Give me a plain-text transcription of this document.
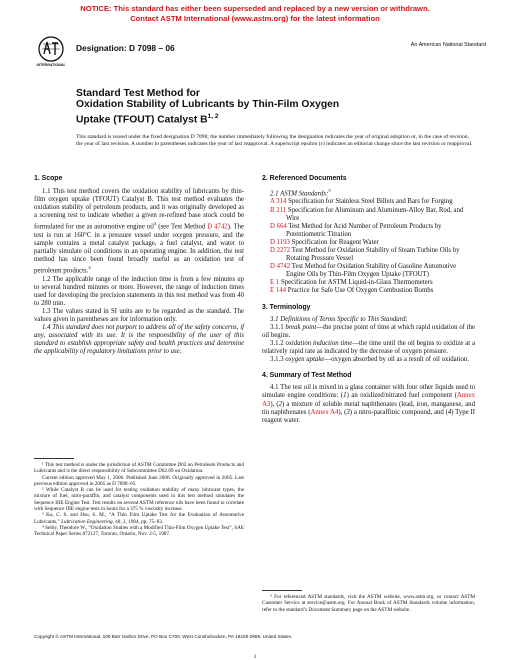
NOTICE: This standard has either been superseded and replaced by a new version or withdrawn.
Contact ASTM International (www.astm.org) for the latest information
INTERNATIONAL
Designation: D 7098 – 06	An American National Standard
Standard Test Method for
Oxidation Stability of Lubricants by Thin-Film Oxygen
Uptake (TFOUT) Catalyst B$^{1, 2}$
This standard is issued under the fixed designation D 7098; the number immediately following the designation indicates the year of original adoption or, in the case of revision, the year of last revision. A number in parentheses indicates the year of last reapproval. A superscript epsilon (ε) indicates an editorial change since the last revision or reapproval.
1. Scope

1.1 This test method covers the oxidation stability of lubricants by thin-film oxygen uptake (TFOUT) Catalyst B. This test method evaluates the oxidation stability of petroleum products, and it was originally developed as a screening test to indicate whether a given re-refined base stock could be formulated for use as automotive engine oil$^3$ (see Test Method D 4742). The test is run at 160°C in a pressure vessel under oxygen pressure, and the sample contains a metal catalyst package, a fuel catalyst, and water to partially simulate oil conditions in an operating engine. In addition, the test method has since been found broadly useful as an oxidation test of petroleum products.$^4$

1.2 The applicable range of the induction time is from a few minutes up to several hundred minutes or more. However, the range of induction times used for developing the precision statements in this test method was from 40 to 280 min.

1.3 The values stated in SI units are to be regarded as the standard. The values given in parentheses are for information only.

1.4 This standard does not purport to address all of the safety concerns, if any, associated with its use. It is the responsibility of the user of this standard to establish appropriate safety and health practices and determine the applicability of regulatory limitations prior to use.

¹ This test method is under the jurisdiction of ASTM Committee D02 on Petroleum Products and Lubricants and is the direct responsibility of Subcommittee D02.09 on Oxidation.

Current edition approved May 1, 2006. Published June 2006. Originally approved in 2005. Last previous edition approved in 2005 as D 7098–05.

² While Catalyst B can be used for testing oxidation stability of many lubricant types, the mixture of fuel, nitro-paraffin, and catalyst components used in this test method simulates the Sequence IIIE Engine Test. Test results on several ASTM reference oils have been found to correlate with Sequence IIIE engine tests in hours for a 375 % viscosity increase.

³ Ku, C. S. and Hsu, S. M., “A Thin Film Uptake Test for the Evaluation of Automotive Lubricants,” Lubrication Engineering, 40, 2, 1984, pp. 75–83.

⁴ Selby, Theodore W., “Oxidation Studies with a Modified Thin-Film Oxygen Uptake Test”, SAE Technical Paper Series 872127, Toronto, Ontario, Nov. 2-5, 1987.

2. Referenced Documents

2.1 ASTM Standards:$^5$

A 314 Specification for Stainless Steel Billets and Bars for Forging
B 211 Specification for Aluminum and Aluminum-Alloy Bar, Rod, and Wire
D 664 Test Method for Acid Number of Petroleum Products by Potentiometric Titration
D 1193 Specification for Reagent Water
D 2272 Test Method for Oxidation Stability of Steam Turbine Oils by Rotating Pressure Vessel
D 4742 Test Method for Oxidation Stability of Gasoline Automotive Engine Oils by Thin-Film Oxygen Uptake (TFOUT)
E 1 Specification for ASTM Liquid-in-Glass Thermometers
E 144 Practice for Safe Use Of Oxygen Combustion Bombs
3. Terminology

3.1 Definitions of Terms Specific to This Standard:

3.1.1 break point—the precise point of time at which rapid oxidation of the oil begins.

3.1.2 oxidation induction time—the time until the oil begins to oxidize at a relatively rapid rate as indicated by the decrease of oxygen pressure.

3.1.3 oxygen uptake—oxygen absorbed by oil as a result of oil oxidation.

4. Summary of Test Method

4.1 The test oil is mixed in a glass container with four other liquids used to simulate engine conditions: (1) an oxidized/nitrated fuel component (Annex A3), (2) a mixture of soluble metal naphthenates (lead, iron, manganese, and tin naphthenates (Annex A4), (3) a nitro-paraffinic compound, and (4) Type II reagent water.

⁵ For referenced ASTM standards, visit the ASTM website, www.astm.org, or contact ASTM Customer Service at service@astm.org. For Annual Book of ASTM Standards volume information, refer to the standard’s Document Summary page on the ASTM website.

Copyright © ASTM International, 100 Barr Harbor Drive, PO Box C700, West Conshohocken, PA 19428-2959, United States.
1
